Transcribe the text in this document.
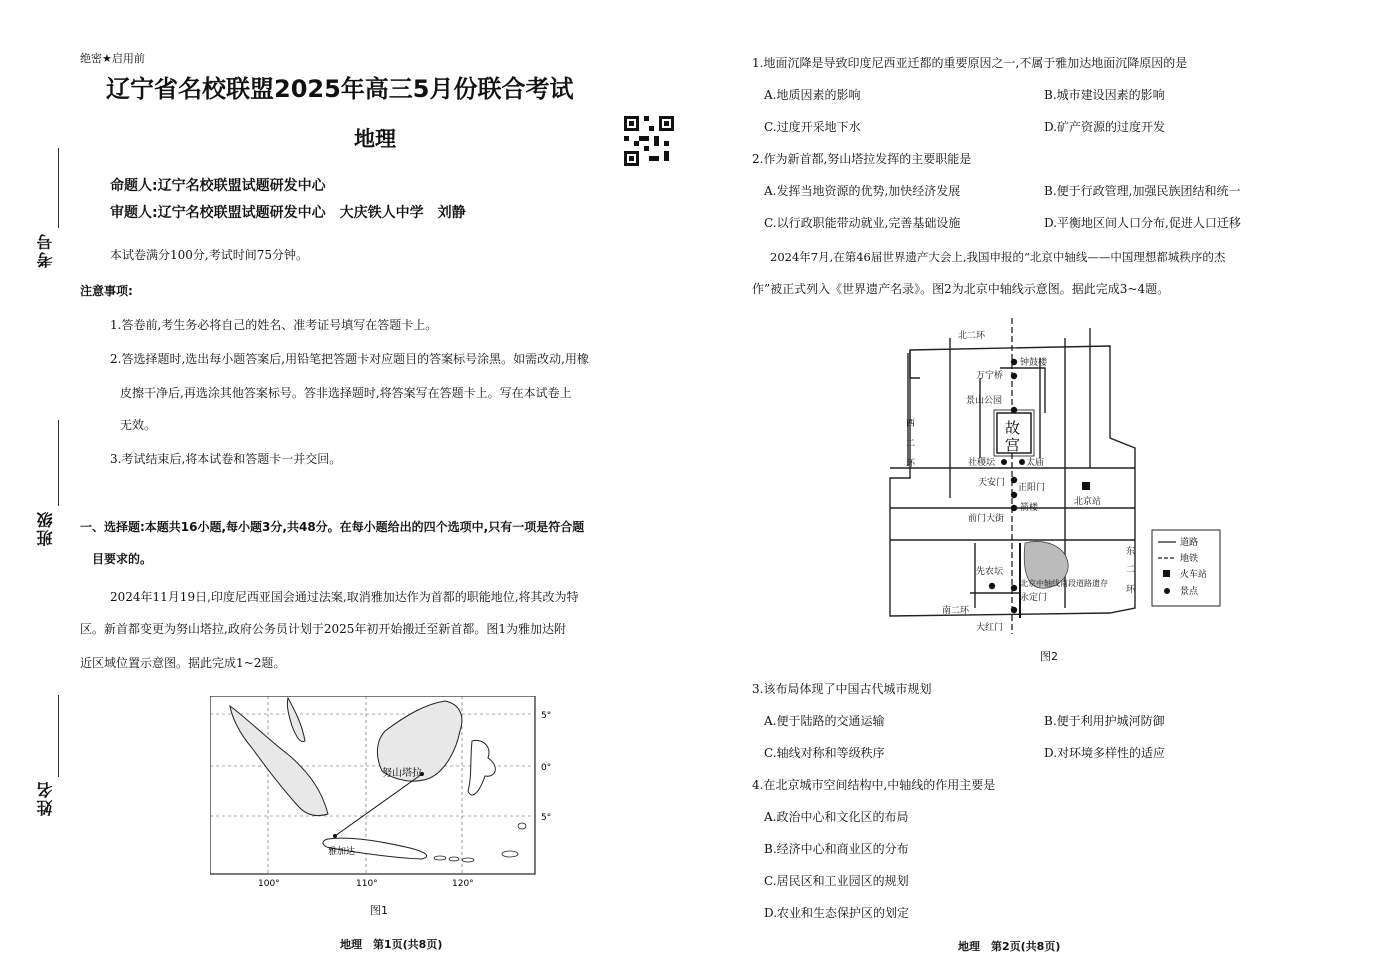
考号
班级
姓名
绝密★启用前
辽宁省名校联盟2025年高三5月份联合考试
地理
命题人:辽宁名校联盟试题研发中心
审题人:辽宁名校联盟试题研发中心　大庆铁人中学　刘静
本试卷满分100分,考试时间75分钟。
注意事项:
1.答卷前,考生务必将自己的姓名、准考证号填写在答题卡上。
2.答选择题时,选出每小题答案后,用铅笔把答题卡对应题目的答案标号涂黑。如需改动,用橡
皮擦干净后,再选涂其他答案标号。答非选择题时,将答案写在答题卡上。写在本试卷上
无效。
3.考试结束后,将本试卷和答题卡一并交回。
一、选择题:本题共16小题,每小题3分,共48分。在每小题给出的四个选项中,只有一项是符合题
目要求的。
2024年11月19日,印度尼西亚国会通过法案,取消雅加达作为首都的职能地位,将其改为特
区。新首都变更为努山塔拉,政府公务员计划于2025年初开始搬迁至新首都。图1为雅加达附
近区域位置示意图。据此完成1~2题。
努山塔拉
雅加达
5°
0°
5°
100°	110°	120°
图1
地理　第1页(共8页)
1.地面沉降是导致印度尼西亚迁都的重要原因之一,不属于雅加达地面沉降原因的是
A.地质因素的影响	B.城市建设因素的影响
C.过度开采地下水	D.矿产资源的过度开发
2.作为新首都,努山塔拉发挥的主要职能是
A.发挥当地资源的优势,加快经济发展	B.便于行政管理,加强民族团结和统一
C.以行政职能带动就业,完善基础设施	D.平衡地区间人口分布,促进人口迁移
2024年7月,在第46届世界遗产大会上,我国申报的“北京中轴线——中国理想都城秩序的杰
作”被正式列入《世界遗产名录》。图2为北京中轴线示意图。据此完成3~4题。
故
宫
北二环
钟鼓楼
万宁桥
景山公园
西
二
环	社稷坛	太庙
天安门 正阳门
北京站
箭楼
前门大街
东
二
环
先农坛
北京中轴线南段道路遗存
永定门
南二环
大红门
道路
地铁
火车站
景点
图2
3.该布局体现了中国古代城市规划
A.便于陆路的交通运输	B.便于利用护城河防御
C.轴线对称和等级秩序	D.对环境多样性的适应
4.在北京城市空间结构中,中轴线的作用主要是
A.政治中心和文化区的布局
B.经济中心和商业区的分布
C.居民区和工业园区的规划
D.农业和生态保护区的划定
地理　第2页(共8页)
